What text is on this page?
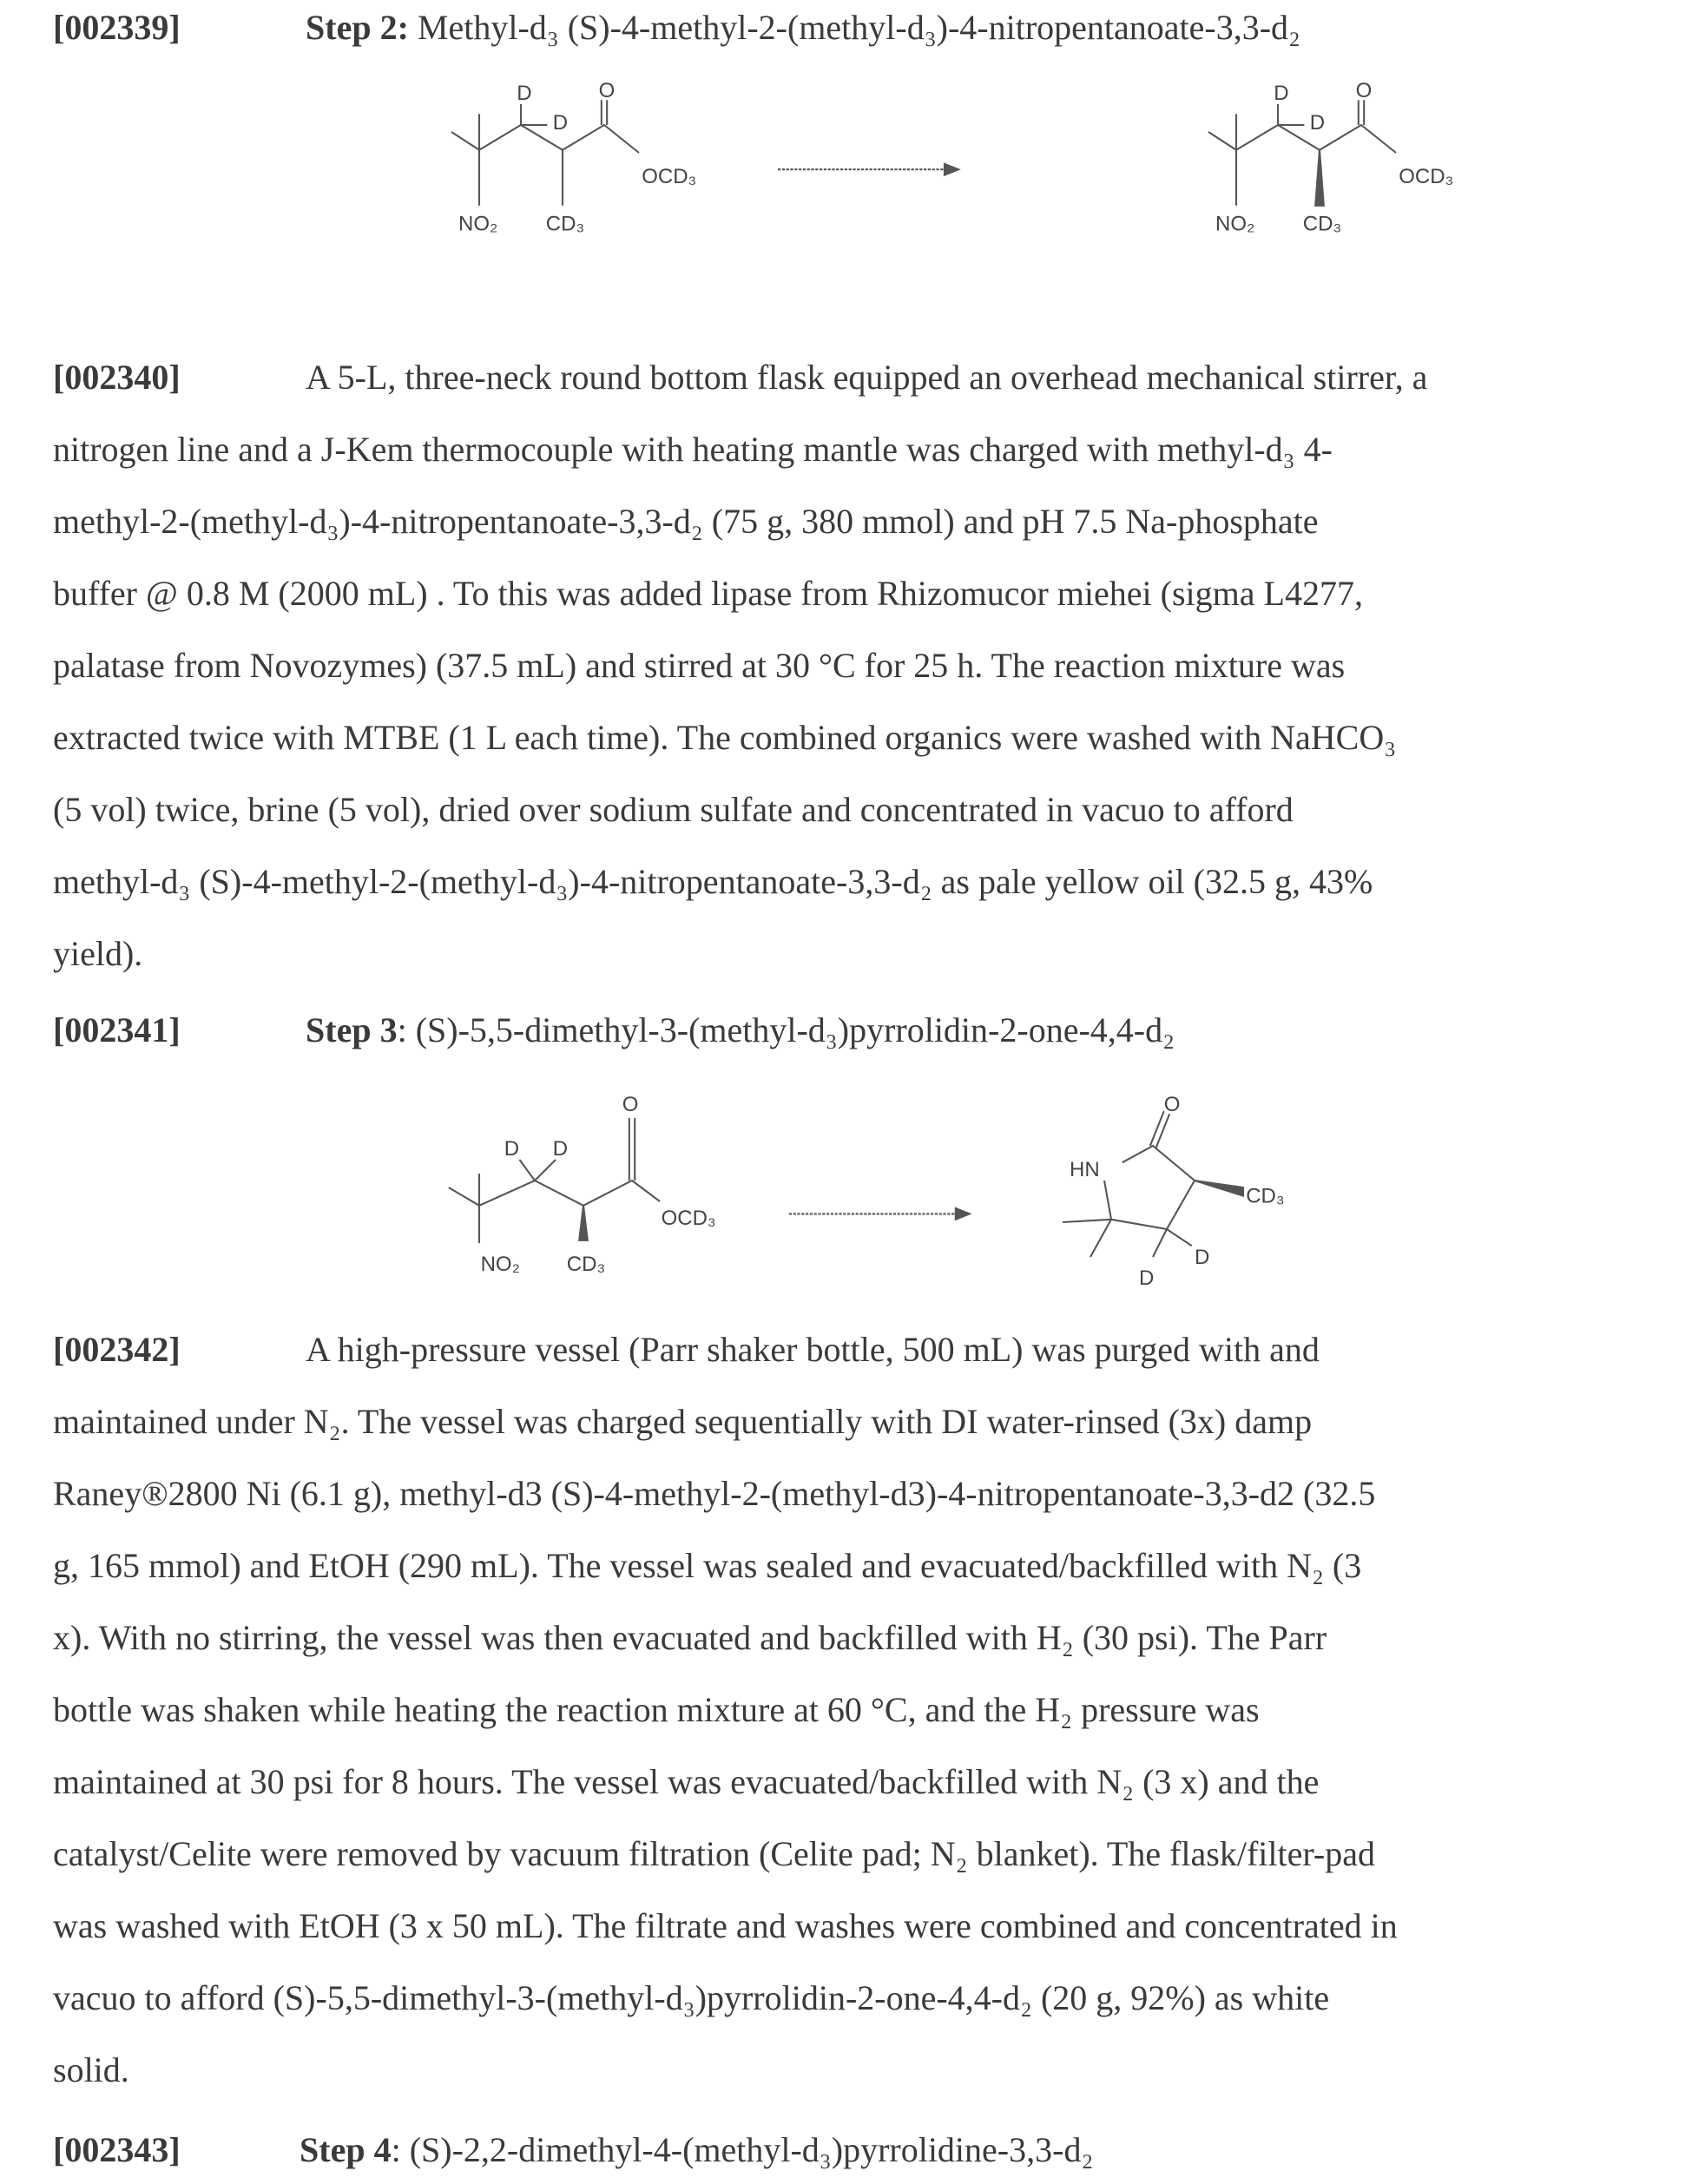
[002339]	Step 2: Methyl-d₃ (S)-4-methyl-2-(methyl-d₃)-4-nitropentanoate-3,3-d₂
D
D
O
OCD₃
NO₂	CD₃
D
D
O
OCD₃
NO₂	CD₃
[002340]	A 5-L, three-neck round bottom flask equipped an overhead mechanical stirrer, a
nitrogen line and a J-Kem thermocouple with heating mantle was charged with methyl-d₃ 4-
methyl-2-(methyl-d₃)-4-nitropentanoate-3,3-d₂ (75 g, 380 mmol) and pH 7.5 Na-phosphate
buffer @ 0.8 M (2000 mL) . To this was added lipase from Rhizomucor miehei (sigma L4277,
palatase from Novozymes) (37.5 mL) and stirred at 30 °C for 25 h. The reaction mixture was
extracted twice with MTBE (1 L each time). The combined organics were washed with NaHCO₃
(5 vol) twice, brine (5 vol), dried over sodium sulfate and concentrated in vacuo to afford
methyl-d₃ (S)-4-methyl-2-(methyl-d₃)-4-nitropentanoate-3,3-d₂ as pale yellow oil (32.5 g, 43%
yield).
[002341]	Step 3: (S)-5,5-dimethyl-3-(methyl-d₃)pyrrolidin-2-one-4,4-d₂
D	D
O
OCD₃
NO₂	CD₃
HN
O
CD₃
D
D
[002342]	A high-pressure vessel (Parr shaker bottle, 500 mL) was purged with and
maintained under N₂. The vessel was charged sequentially with DI water-rinsed (3x) damp
Raney®2800 Ni (6.1 g), methyl-d3 (S)-4-methyl-2-(methyl-d3)-4-nitropentanoate-3,3-d2 (32.5
g, 165 mmol) and EtOH (290 mL). The vessel was sealed and evacuated/backfilled with N₂ (3
x). With no stirring, the vessel was then evacuated and backfilled with H₂ (30 psi). The Parr
bottle was shaken while heating the reaction mixture at 60 °C, and the H₂ pressure was
maintained at 30 psi for 8 hours. The vessel was evacuated/backfilled with N₂ (3 x) and the
catalyst/Celite were removed by vacuum filtration (Celite pad; N₂ blanket). The flask/filter-pad
was washed with EtOH (3 x 50 mL). The filtrate and washes were combined and concentrated in
vacuo to afford (S)-5,5-dimethyl-3-(methyl-d₃)pyrrolidin-2-one-4,4-d₂ (20 g, 92%) as white
solid.
[002343]	Step 4: (S)-2,2-dimethyl-4-(methyl-d₃)pyrrolidine-3,3-d₂
